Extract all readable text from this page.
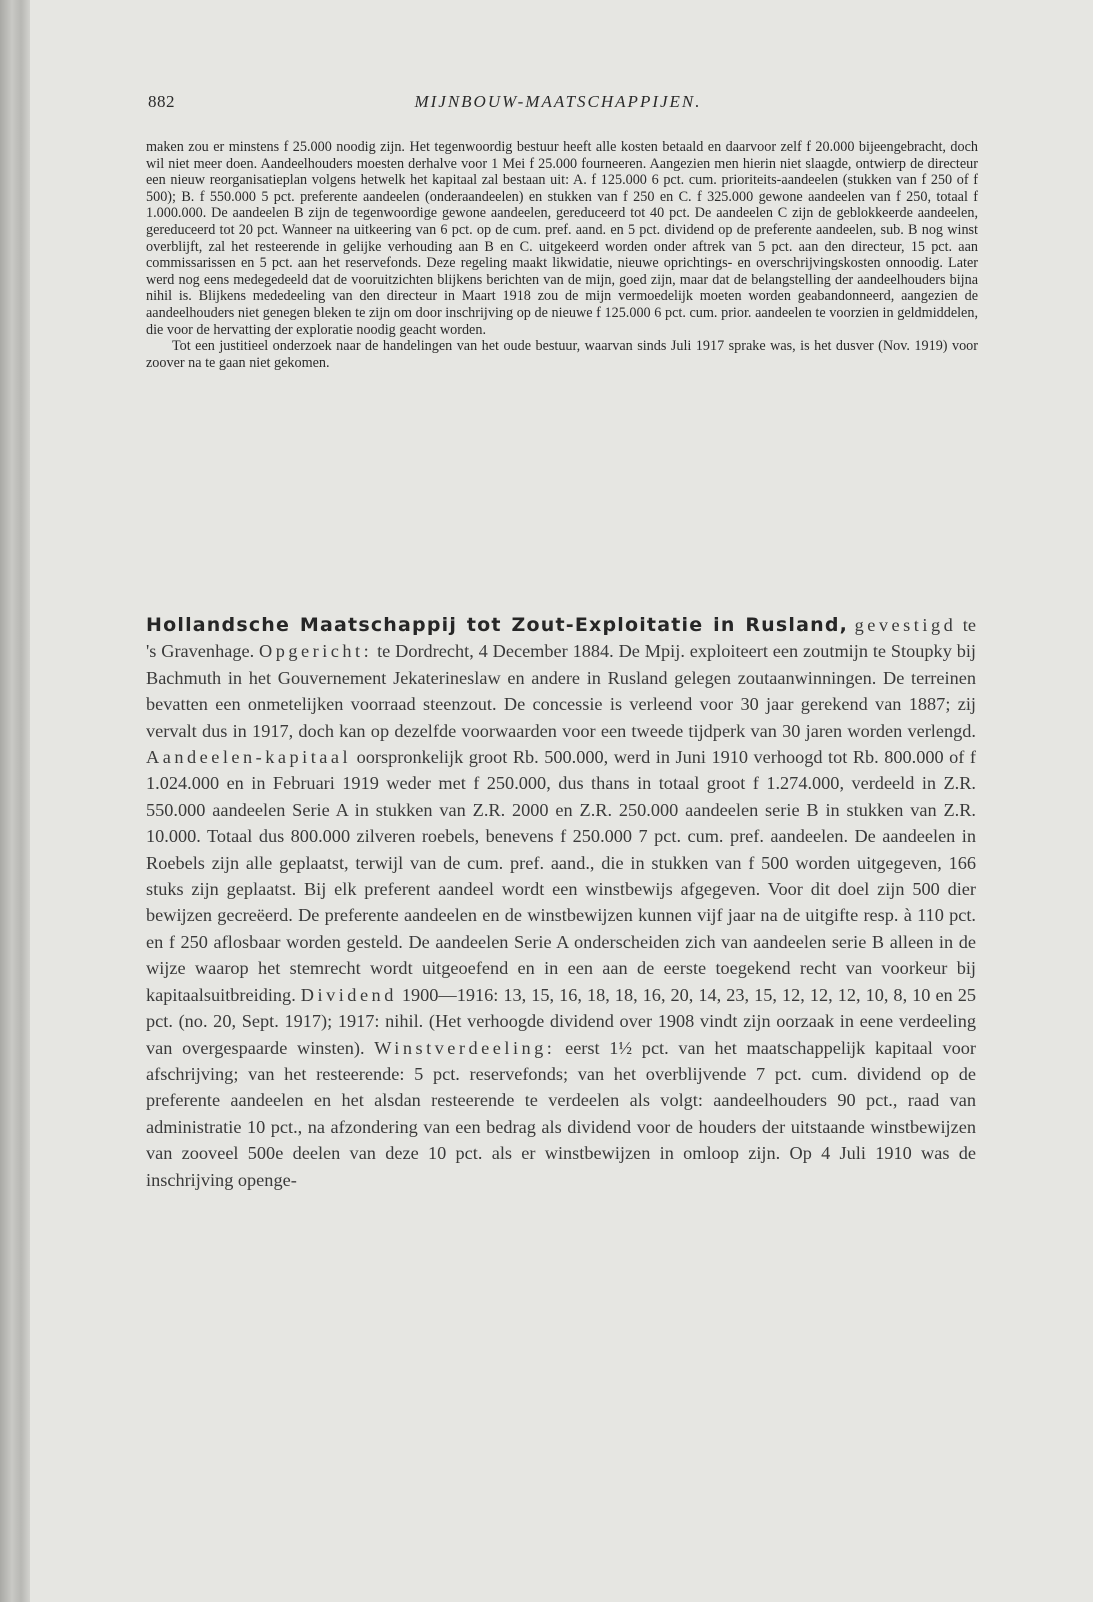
882	MIJNBOUW-MAATSCHAPPIJEN.

maken zou er minstens f 25.000 noodig zijn. Het tegenwoordig bestuur heeft alle kosten betaald en daarvoor zelf f 20.000 bijeengebracht, doch wil niet meer doen. Aandeelhouders moesten derhalve voor 1 Mei f 25.000 fourneeren. Aangezien men hierin niet slaagde, ontwierp de directeur een nieuw reorganisatieplan volgens hetwelk het kapitaal zal bestaan uit: A. f 125.000 6 pct. cum. prioriteits-aandeelen (stukken van f 250 of f 500); B. f 550.000 5 pct. preferente aandeelen (onderaandeelen) en stukken van f 250 en C. f 325.000 gewone aandeelen van f 250, totaal f 1.000.000. De aandeelen B zijn de tegenwoordige gewone aandeelen, gereduceerd tot 40 pct. De aandeelen C zijn de geblokkeerde aandeelen, gereduceerd tot 20 pct. Wanneer na uitkeering van 6 pct. op de cum. pref. aand. en 5 pct. dividend op de preferente aandeelen, sub. B nog winst overblijft, zal het resteerende in gelijke verhouding aan B en C. uitgekeerd worden onder aftrek van 5 pct. aan den directeur, 15 pct. aan commissarissen en 5 pct. aan het reservefonds. Deze regeling maakt likwidatie, nieuwe oprichtings- en overschrijvingskosten onnoodig. Later werd nog eens medegedeeld dat de vooruitzichten blijkens berichten van de mijn, goed zijn, maar dat de belangstelling der aandeelhouders bijna nihil is. Blijkens mededeeling van den directeur in Maart 1918 zou de mijn vermoedelijk moeten worden geabandonneerd, aangezien de aandeelhouders niet genegen bleken te zijn om door inschrijving op de nieuwe f 125.000 6 pct. cum. prior. aandeelen te voorzien in geldmiddelen, die voor de hervatting der exploratie noodig geacht worden.

Tot een justitieel onderzoek naar de handelingen van het oude bestuur, waarvan sinds Juli 1917 sprake was, is het dusver (Nov. 1919) voor zoover na te gaan niet gekomen.

Hollandsche Maatschappij tot Zout-Exploitatie in Rusland, gevestigd te 's Gravenhage. Opgericht: te Dordrecht, 4 December 1884. De Mpij. exploiteert een zoutmijn te Stoupky bij Bachmuth in het Gouvernement Jekaterineslaw en andere in Rusland gelegen zoutaanwinningen. De terreinen bevatten een onmetelijken voorraad steenzout. De concessie is verleend voor 30 jaar gerekend van 1887; zij vervalt dus in 1917, doch kan op dezelfde voorwaarden voor een tweede tijdperk van 30 jaren worden verlengd. Aandeelen-kapitaal oorspronkelijk groot Rb. 500.000, werd in Juni 1910 verhoogd tot Rb. 800.000 of f 1.024.000 en in Februari 1919 weder met f 250.000, dus thans in totaal groot f 1.274.000, verdeeld in Z.R. 550.000 aandeelen Serie A in stukken van Z.R. 2000 en Z.R. 250.000 aandeelen serie B in stukken van Z.R. 10.000. Totaal dus 800.000 zilveren roebels, benevens f 250.000 7 pct. cum. pref. aandeelen. De aandeelen in Roebels zijn alle geplaatst, terwijl van de cum. pref. aand., die in stukken van f 500 worden uitgegeven, 166 stuks zijn geplaatst. Bij elk preferent aandeel wordt een winstbewijs afgegeven. Voor dit doel zijn 500 dier bewijzen gecreëerd. De preferente aandeelen en de winstbewijzen kunnen vijf jaar na de uitgifte resp. à 110 pct. en f 250 aflosbaar worden gesteld. De aandeelen Serie A onderscheiden zich van aandeelen serie B alleen in de wijze waarop het stemrecht wordt uitgeoefend en in een aan de eerste toegekend recht van voorkeur bij kapitaalsuitbreiding. Dividend 1900—1916: 13, 15, 16, 18, 18, 16, 20, 14, 23, 15, 12, 12, 12, 10, 8, 10 en 25 pct. (no. 20, Sept. 1917); 1917: nihil. (Het verhoogde dividend over 1908 vindt zijn oorzaak in eene verdeeling van overgespaarde winsten). Winstverdeeling: eerst 1½ pct. van het maatschappelijk kapitaal voor afschrijving; van het resteerende: 5 pct. reservefonds; van het overblijvende 7 pct. cum. dividend op de preferente aandeelen en het alsdan resteerende te verdeelen als volgt: aandeelhouders 90 pct., raad van administratie 10 pct., na afzondering van een bedrag als dividend voor de houders der uitstaande winstbewijzen van zooveel 500e deelen van deze 10 pct. als er winstbewijzen in omloop zijn. Op 4 Juli 1910 was de inschrijving openge-
